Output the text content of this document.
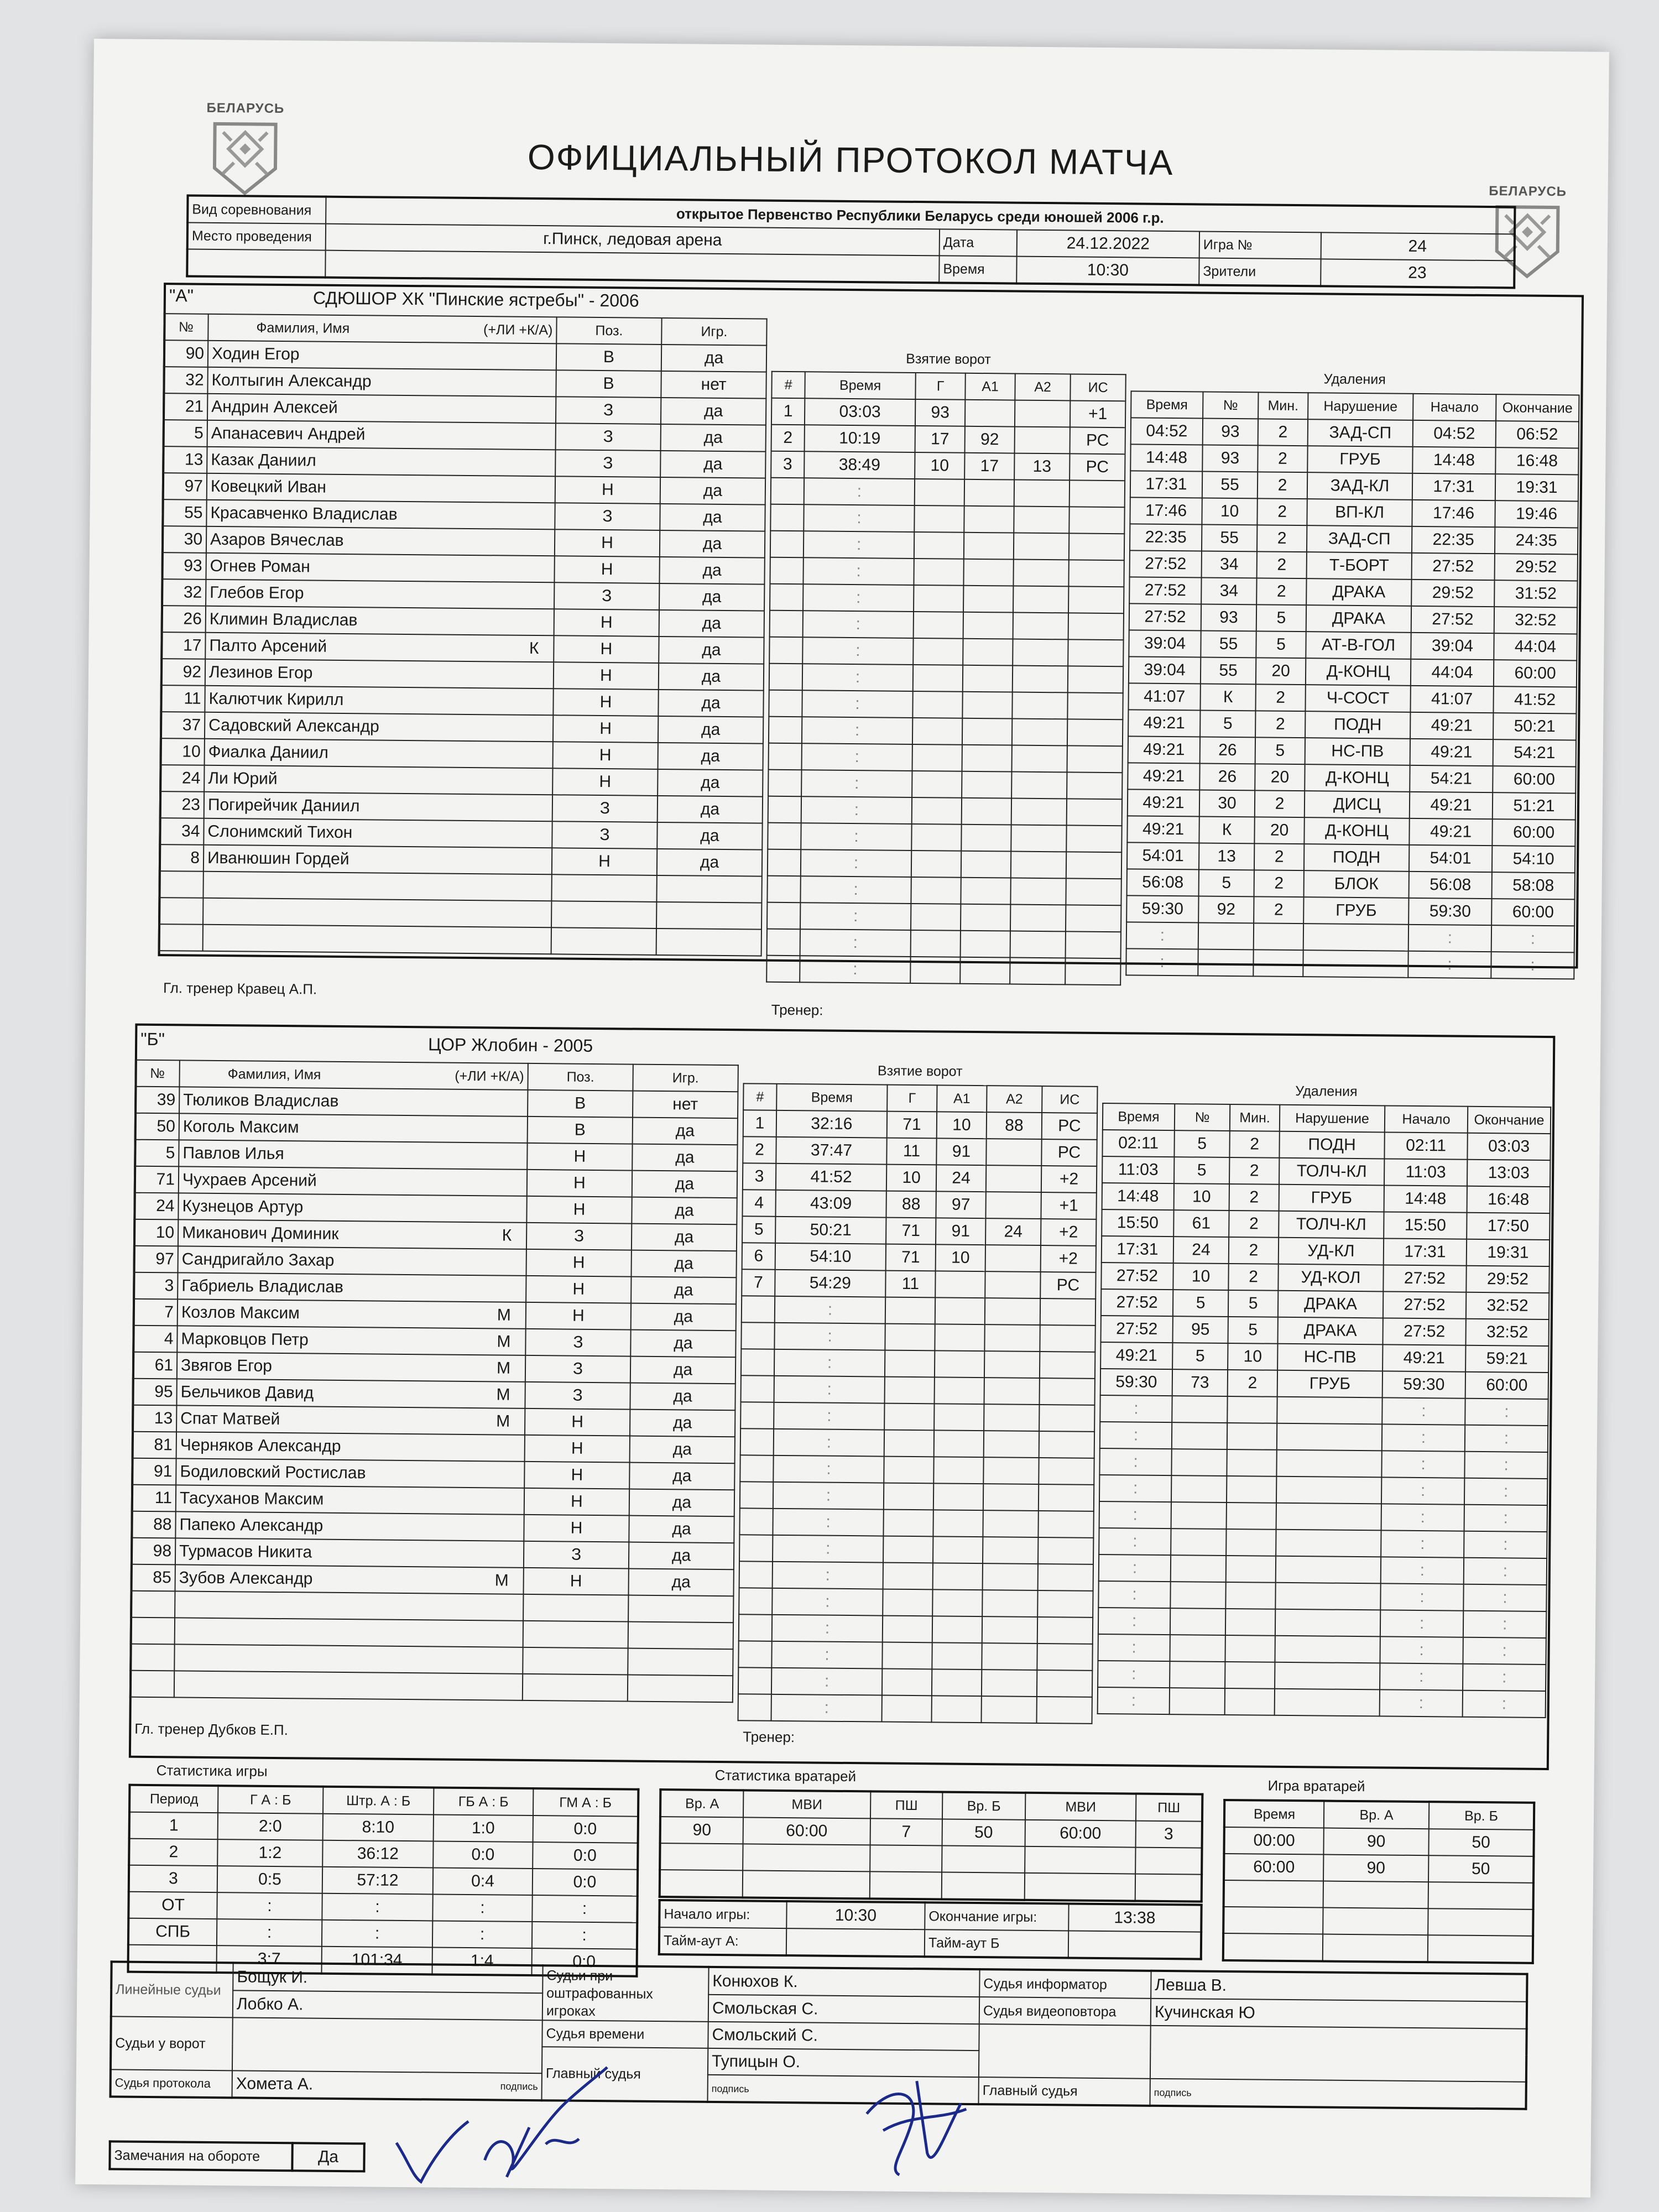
БЕЛАРУСЬ
БЕЛАРУСЬ
ОФИЦИАЛЬНЫЙ ПРОТОКОЛ МАТЧА
Вид соревнования	открытое Первенство Республики Беларусь среди юношей 2006 г.р.				
Место проведения	г.Пинск, ледовая арена	Дата	24.12.2022	Игра №	24
		Время	10:30	Зрители	23
"А"	СДЮШОР ХК "Пинские ястребы" - 2006
№	Фамилия, Имя (+ЛИ +К/А)	Поз.	Игр.
90	Ходин Егор	В	да
32	Колтыгин Александр	В	нет
21	Андрин Алексей	З	да
5	Апанасевич Андрей	З	да
13	Казак Даниил	З	да
97	Ковецкий Иван	Н	да
55	Красавченко Владислав	З	да
30	Азаров Вячеслав	Н	да
93	Огнев Роман	Н	да
32	Глебов Егор	З	да
26	Климин Владислав	Н	да
17	Палто Арсений К	Н	да
92	Лезинов Егор	Н	да
11	Калютчик Кирилл	Н	да
37	Садовский Александр	Н	да
10	Фиалка Даниил	Н	да
24	Ли Юрий	Н	да
23	Погирейчик Даниил	З	да
34	Слонимский Тихон	З	да
8	Иванюшин Гордей	Н	да

Взятие ворот
#	Время	Г	А1	А2	ИС
1	03:03	93			+1
2	10:19	17	92		РС
3	38:49	10	17	13	РС
	:				
	:				
	:				
	:				
	:				
	:				
	:				
	:				
	:				
	:				
	:				
	:				
	:				
	:				
	:				
	:				
	:				
	:				
	:				
Удаления
Время	№	Мин.	Нарушение	Начало	Окончание
04:52	93	2	ЗАД-СП	04:52	06:52
14:48	93	2	ГРУБ	14:48	16:48
17:31	55	2	ЗАД-КЛ	17:31	19:31
17:46	10	2	ВП-КЛ	17:46	19:46
22:35	55	2	ЗАД-СП	22:35	24:35
27:52	34	2	Т-БОРТ	27:52	29:52
27:52	34	2	ДРАКА	29:52	31:52
27:52	93	5	ДРАКА	27:52	32:52
39:04	55	5	АТ-В-ГОЛ	39:04	44:04
39:04	55	20	Д-КОНЦ	44:04	60:00
41:07	К	2	Ч-СОСТ	41:07	41:52
49:21	5	2	ПОДН	49:21	50:21
49:21	26	5	НС-ПВ	49:21	54:21
49:21	26	20	Д-КОНЦ	54:21	60:00
49:21	30	2	ДИСЦ	49:21	51:21
49:21	К	20	Д-КОНЦ	49:21	60:00
54:01	13	2	ПОДН	54:01	54:10
56:08	5	2	БЛОК	56:08	58:08
59:30	92	2	ГРУБ	59:30	60:00
:				:	:
:				:	:
Гл. тренер Кравец А.П.
Тренер:
"Б"	ЦОР Жлобин - 2005
№	Фамилия, Имя (+ЛИ +К/А)	Поз.	Игр.
39	Тюликов Владислав	В	нет
50	Коголь Максим	В	да
5	Павлов Илья	Н	да
71	Чухраев Арсений	Н	да
24	Кузнецов Артур	Н	да
10	Миканович Доминик К	З	да
97	Сандригайло Захар	Н	да
3	Габриель Владислав	Н	да
7	Козлов Максим М	Н	да
4	Марковцов Петр М	З	да
61	Звягов Егор М	З	да
95	Бельчиков Давид М	З	да
13	Спат Матвей М	Н	да
81	Черняков Александр	Н	да
91	Бодиловский Ростислав	Н	да
11	Тасуханов Максим	Н	да
88	Папеко Александр	Н	да
98	Турмасов Никита	З	да
85	Зубов Александр М	Н	да

Взятие ворот
#	Время	Г	А1	А2	ИС
1	32:16	71	10	88	РС
2	37:47	11	91		РС
3	41:52	10	24		+2
4	43:09	88	97		+1
5	50:21	71	91	24	+2
6	54:10	71	10		+2
7	54:29	11			РС
	:				
	:				
	:				
	:				
	:				
	:				
	:				
	:				
	:				
	:				
	:				
	:				
	:				
	:				
	:				
	:				
Удаления
Время	№	Мин.	Нарушение	Начало	Окончание
02:11	5	2	ПОДН	02:11	03:03
11:03	5	2	ТОЛЧ-КЛ	11:03	13:03
14:48	10	2	ГРУБ	14:48	16:48
15:50	61	2	ТОЛЧ-КЛ	15:50	17:50
17:31	24	2	УД-КЛ	17:31	19:31
27:52	10	2	УД-КОЛ	27:52	29:52
27:52	5	5	ДРАКА	27:52	32:52
27:52	95	5	ДРАКА	27:52	32:52
49:21	5	10	НС-ПВ	49:21	59:21
59:30	73	2	ГРУБ	59:30	60:00
:				:	:
:				:	:
:				:	:
:				:	:
:				:	:
:				:	:
:				:	:
:				:	:
:				:	:
:				:	:
:				:	:
:				:	:
Гл. тренер Дубков Е.П.	Тренер:
Статистика игры
Период	Г А : Б	Штр. А : Б	ГБ А : Б	ГМ А : Б
1	2:0	8:10	1:0	0:0
2	1:2	36:12	0:0	0:0
3	0:5	57:12	0:4	0:0
ОТ	:	:	:	:
СПБ	:	:	:	:
	3:7	101:34	1:4	0:0
Статистика вратарей
Вр. А	МВИ	ПШ	Вр. Б	МВИ	ПШ
90	60:00	7	50	60:00	3

Начало игры:	10:30	Окончание игры:	13:38
Тайм-аут А:		Тайм-аут Б	
Игра вратарей
Время	Вр. А	Вр. Б
00:00	90	50
60:00	90	50

Линейные судьи	Бощук И.	Судьи при оштрафованных игроках	Конюхов К.	Судья информатор	Левша В.
	Лобко А.		Смольская С.	Судья видеоповтора	Кучинская Ю
Судьи у ворот		Судья времени	Смольский С.		
		Главный судья	Тупицын О.		
Судья протокола	Хомета А. подпись		подпись	Главный судья	подпись
Замечания на обороте	Да
